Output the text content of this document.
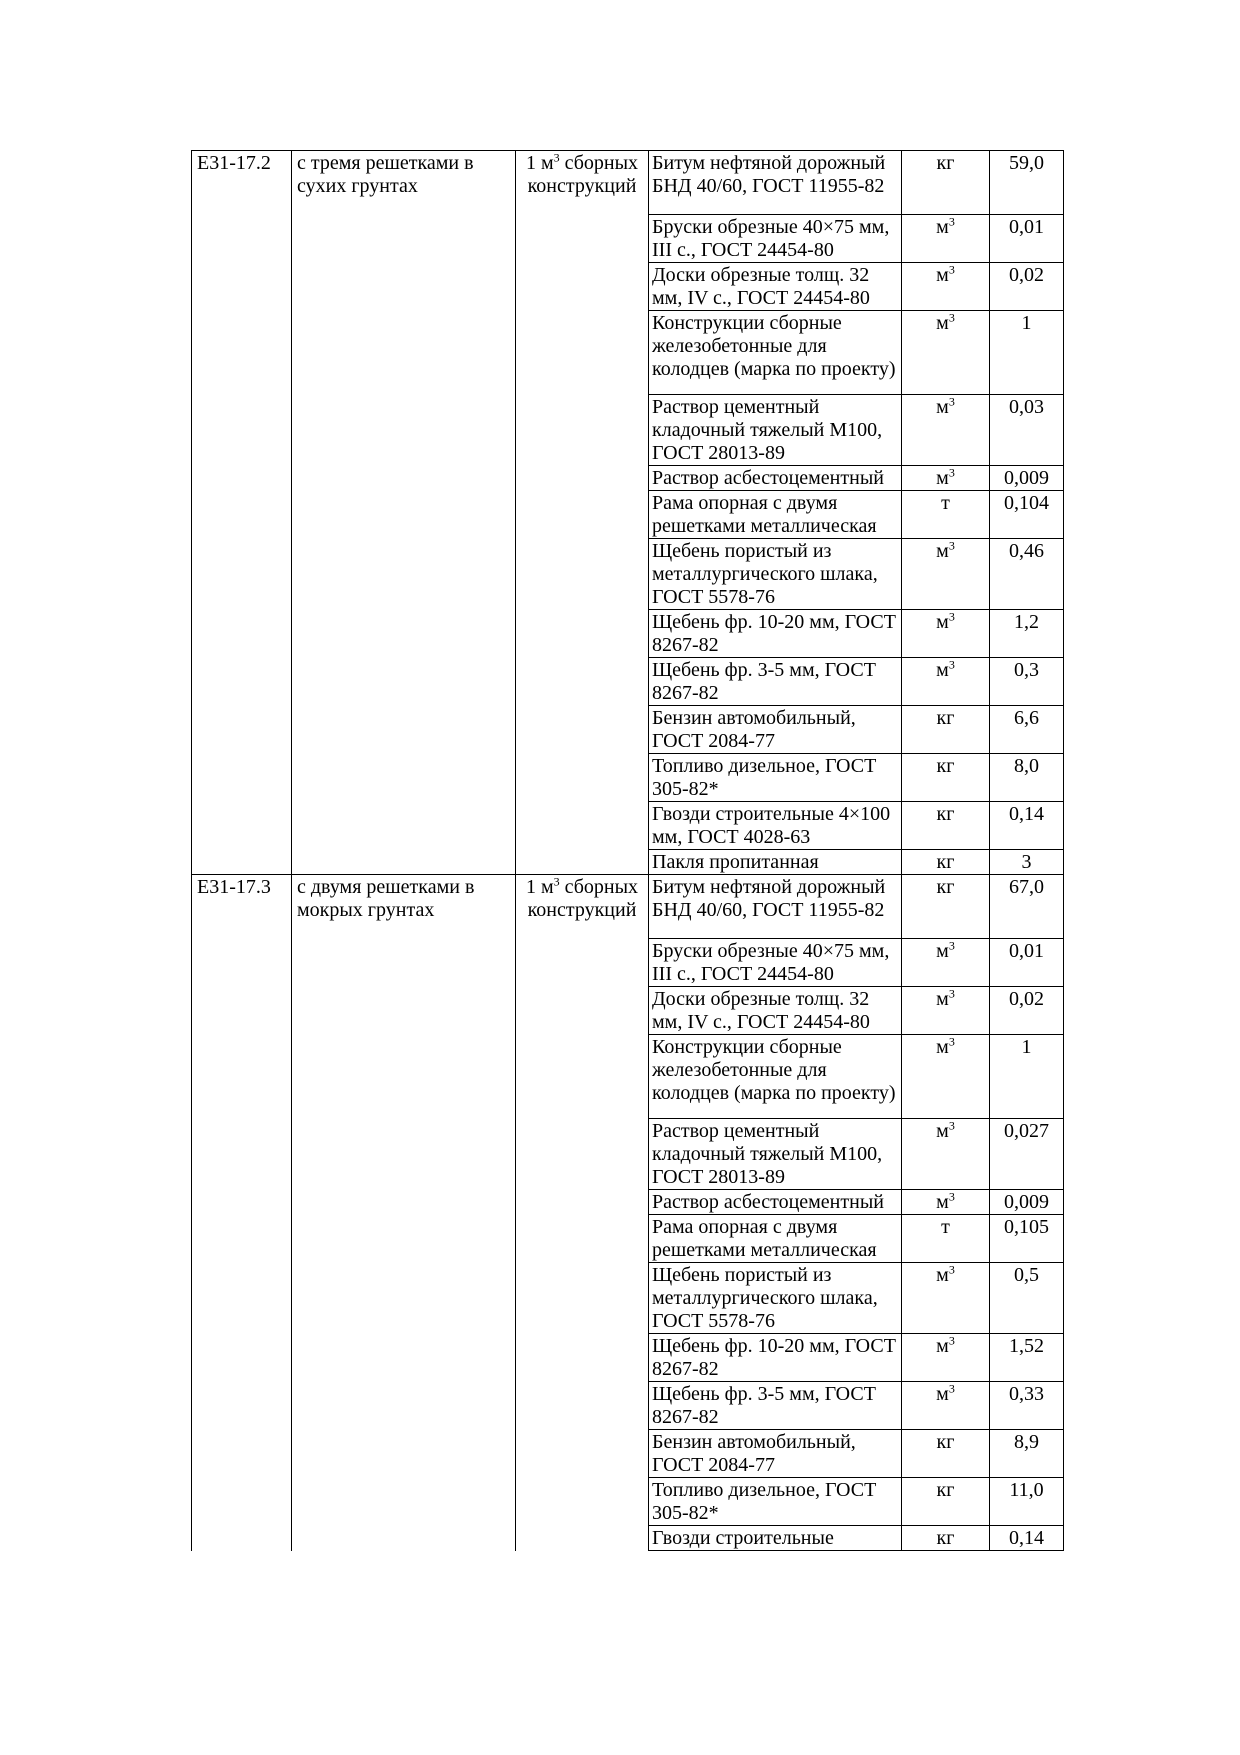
Е31-17.2	с тремя решетками в сухих грунтах	1 $м^3$ сборных конструкций	Битум нефтяной дорожный БНД 40/60, ГОСТ 11955-82	кг	59,0
			Бруски обрезные 40×75 мм, III с., ГОСТ 24454-80	$м^3$	0,01
			Доски обрезные толщ. 32 мм, IV с., ГОСТ 24454-80	$м^3$	0,02
			Конструкции сборные железобетонные для колодцев (марка по проекту)	$м^3$	1
			Раствор цементный кладочный тяжелый М100, ГОСТ 28013-89	$м^3$	0,03
			Раствор асбестоцементный	$м^3$	0,009
			Рама опорная с двумя решетками металлическая	т	0,104
			Щебень пористый из металлургического шлака, ГОСТ 5578-76	$м^3$	0,46
			Щебень фр. 10-20 мм, ГОСТ 8267-82	$м^3$	1,2
			Щебень фр. 3-5 мм, ГОСТ 8267-82	$м^3$	0,3
			Бензин автомобильный, ГОСТ 2084-77	кг	6,6
			Топливо дизельное, ГОСТ 305-82*	кг	8,0
			Гвозди строительные 4×100 мм, ГОСТ 4028-63	кг	0,14
			Пакля пропитанная	кг	3
Е31-17.3	с двумя решетками в мокрых грунтах	1 $м^3$ сборных конструкций	Битум нефтяной дорожный БНД 40/60, ГОСТ 11955-82	кг	67,0
			Бруски обрезные 40×75 мм, III с., ГОСТ 24454-80	$м^3$	0,01
			Доски обрезные толщ. 32 мм, IV с., ГОСТ 24454-80	$м^3$	0,02
			Конструкции сборные железобетонные для колодцев (марка по проекту)	$м^3$	1
			Раствор цементный кладочный тяжелый М100, ГОСТ 28013-89	$м^3$	0,027
			Раствор асбестоцементный	$м^3$	0,009
			Рама опорная с двумя решетками металлическая	т	0,105
			Щебень пористый из металлургического шлака, ГОСТ 5578-76	$м^3$	0,5
			Щебень фр. 10-20 мм, ГОСТ 8267-82	$м^3$	1,52
			Щебень фр. 3-5 мм, ГОСТ 8267-82	$м^3$	0,33
			Бензин автомобильный, ГОСТ 2084-77	кг	8,9
			Топливо дизельное, ГОСТ 305-82*	кг	11,0
			Гвозди строительные	кг	0,14
